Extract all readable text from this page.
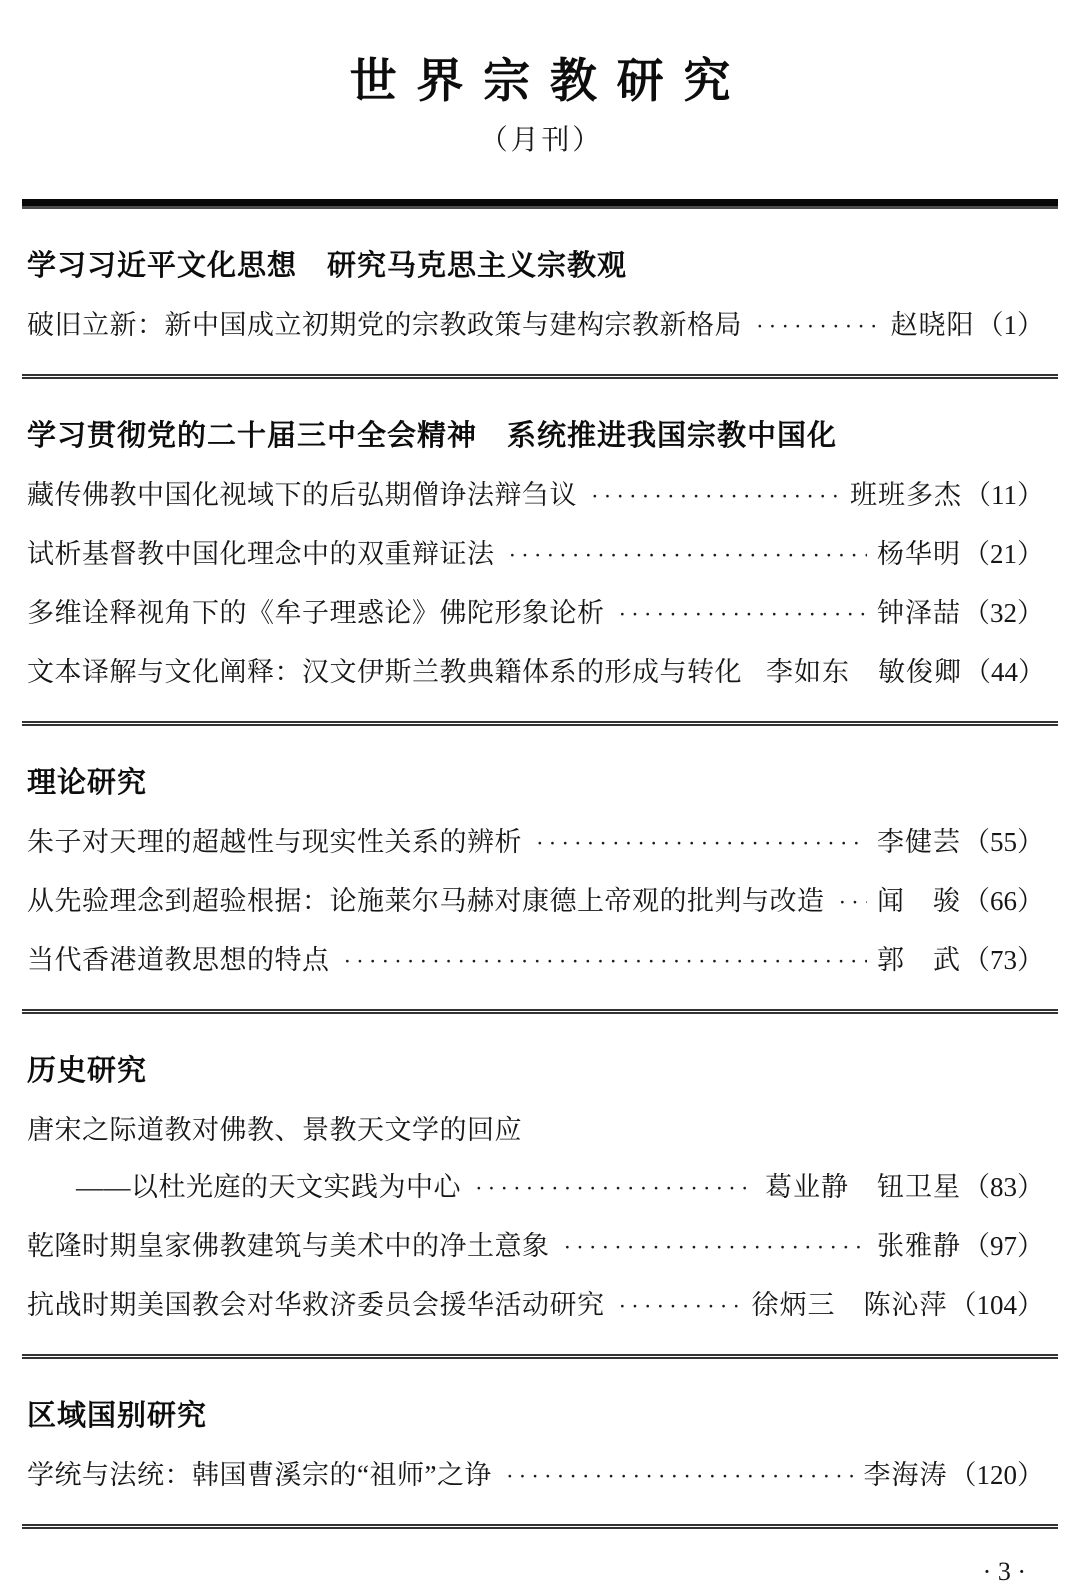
世界宗教研究
（月刊）
学习习近平文化思想　研究马克思主义宗教观
破旧立新：新中国成立初期党的宗教政策与建构宗教新格局 ·····	赵晓阳 （1）
学习贯彻党的二十届三中全会精神　系统推进我国宗教中国化
藏传佛教中国化视域下的后弘期僧诤法辩刍议 ·····	班班多杰 （11）
试析基督教中国化理念中的双重辩证法 ·····	杨华明 （21）
多维诠释视角下的《牟子理惑论》佛陀形象论析 ·····	钟泽喆 （32）
文本译解与文化阐释：汉文伊斯兰教典籍体系的形成与转化 李如东　敏俊卿 （44）
理论研究
朱子对天理的超越性与现实性关系的辨析 ·····	李健芸 （55）
从先验理念到超验根据：论施莱尔马赫对康德上帝观的批判与改造 ····· 闻　骏 （66）
当代香港道教思想的特点 ·····	郭　武 （73）
历史研究
唐宋之际道教对佛教、景教天文学的回应
——以杜光庭的天文实践为中心 ·····	葛业静　钮卫星 （83）
乾隆时期皇家佛教建筑与美术中的净土意象 ·····	张雅静 （97）
抗战时期美国教会对华救济委员会援华活动研究 ·····	徐炳三　陈沁萍 （104）
区域国别研究
学统与法统：韩国曹溪宗的“祖师”之诤 ·····	李海涛 （120）
· 3 ·
